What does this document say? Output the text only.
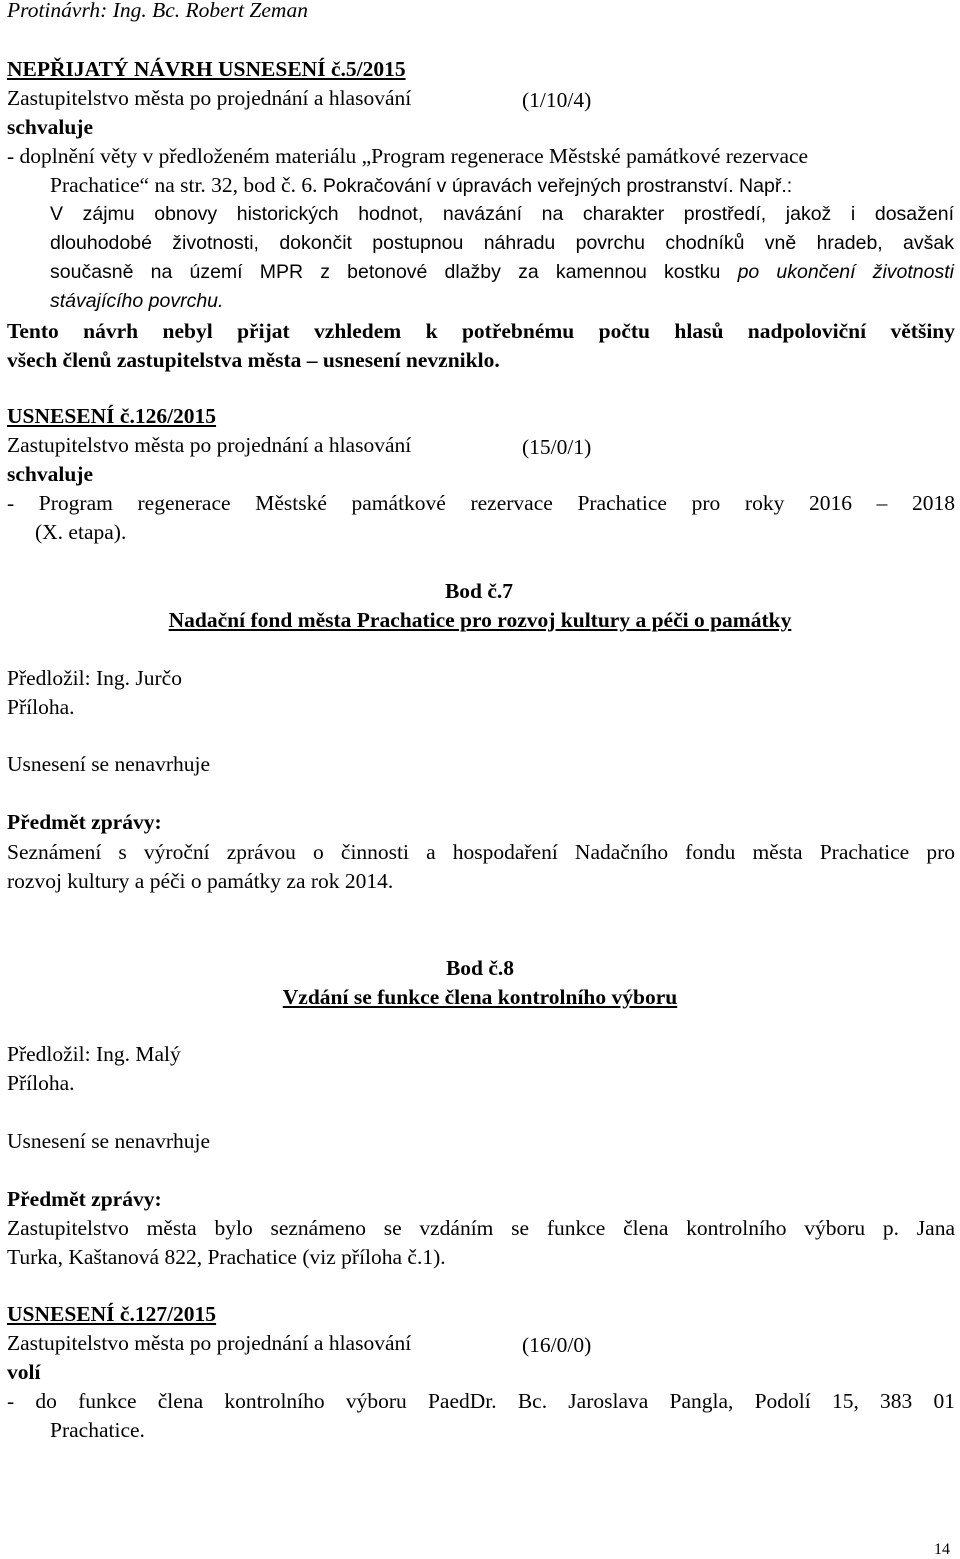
Protinávrh: Ing. Bc. Robert Zeman
NEPŘIJATÝ NÁVRH USNESENÍ č.5/2015
Zastupitelstvo města po projednání a hlasování	(1/10/4)
schvaluje
- doplnění věty v předloženém materiálu „Program regenerace Městské památkové rezervace
Prachatice“ na str. 32, bod č. 6. Pokračování v úpravách veřejných prostranství. Např.:
V zájmu obnovy historických hodnot, navázání na charakter prostředí, jakož i dosažení
dlouhodobé životnosti, dokončit postupnou náhradu povrchu chodníků vně hradeb, avšak
současně na území MPR z betonové dlažby za kamennou kostku po ukončení životnosti
stávajícího povrchu.
Tento návrh nebyl přijat vzhledem k potřebnému počtu hlasů nadpoloviční většiny
všech členů zastupitelstva města – usnesení nevzniklo.
USNESENÍ č.126/2015
Zastupitelstvo města po projednání a hlasování	(15/0/1)
schvaluje
- Program regenerace Městské památkové rezervace Prachatice pro roky 2016 – 2018
(X. etapa).
Bod č.7
Nadační fond města Prachatice pro rozvoj kultury a péči o památky
Předložil: Ing. Jurčo
Příloha.
Usnesení se nenavrhuje
Předmět zprávy:
Seznámení s výroční zprávou o činnosti a hospodaření Nadačního fondu města Prachatice pro
rozvoj kultury a péči o památky za rok 2014.
Bod č.8
Vzdání se funkce člena kontrolního výboru
Předložil: Ing. Malý
Příloha.
Usnesení se nenavrhuje
Předmět zprávy:
Zastupitelstvo města bylo seznámeno se vzdáním se funkce člena kontrolního výboru p. Jana
Turka, Kaštanová 822, Prachatice (viz příloha č.1).
USNESENÍ č.127/2015
Zastupitelstvo města po projednání a hlasování	(16/0/0)
volí
- do funkce člena kontrolního výboru PaedDr. Bc. Jaroslava Pangla, Podolí 15, 383 01
Prachatice.
14
